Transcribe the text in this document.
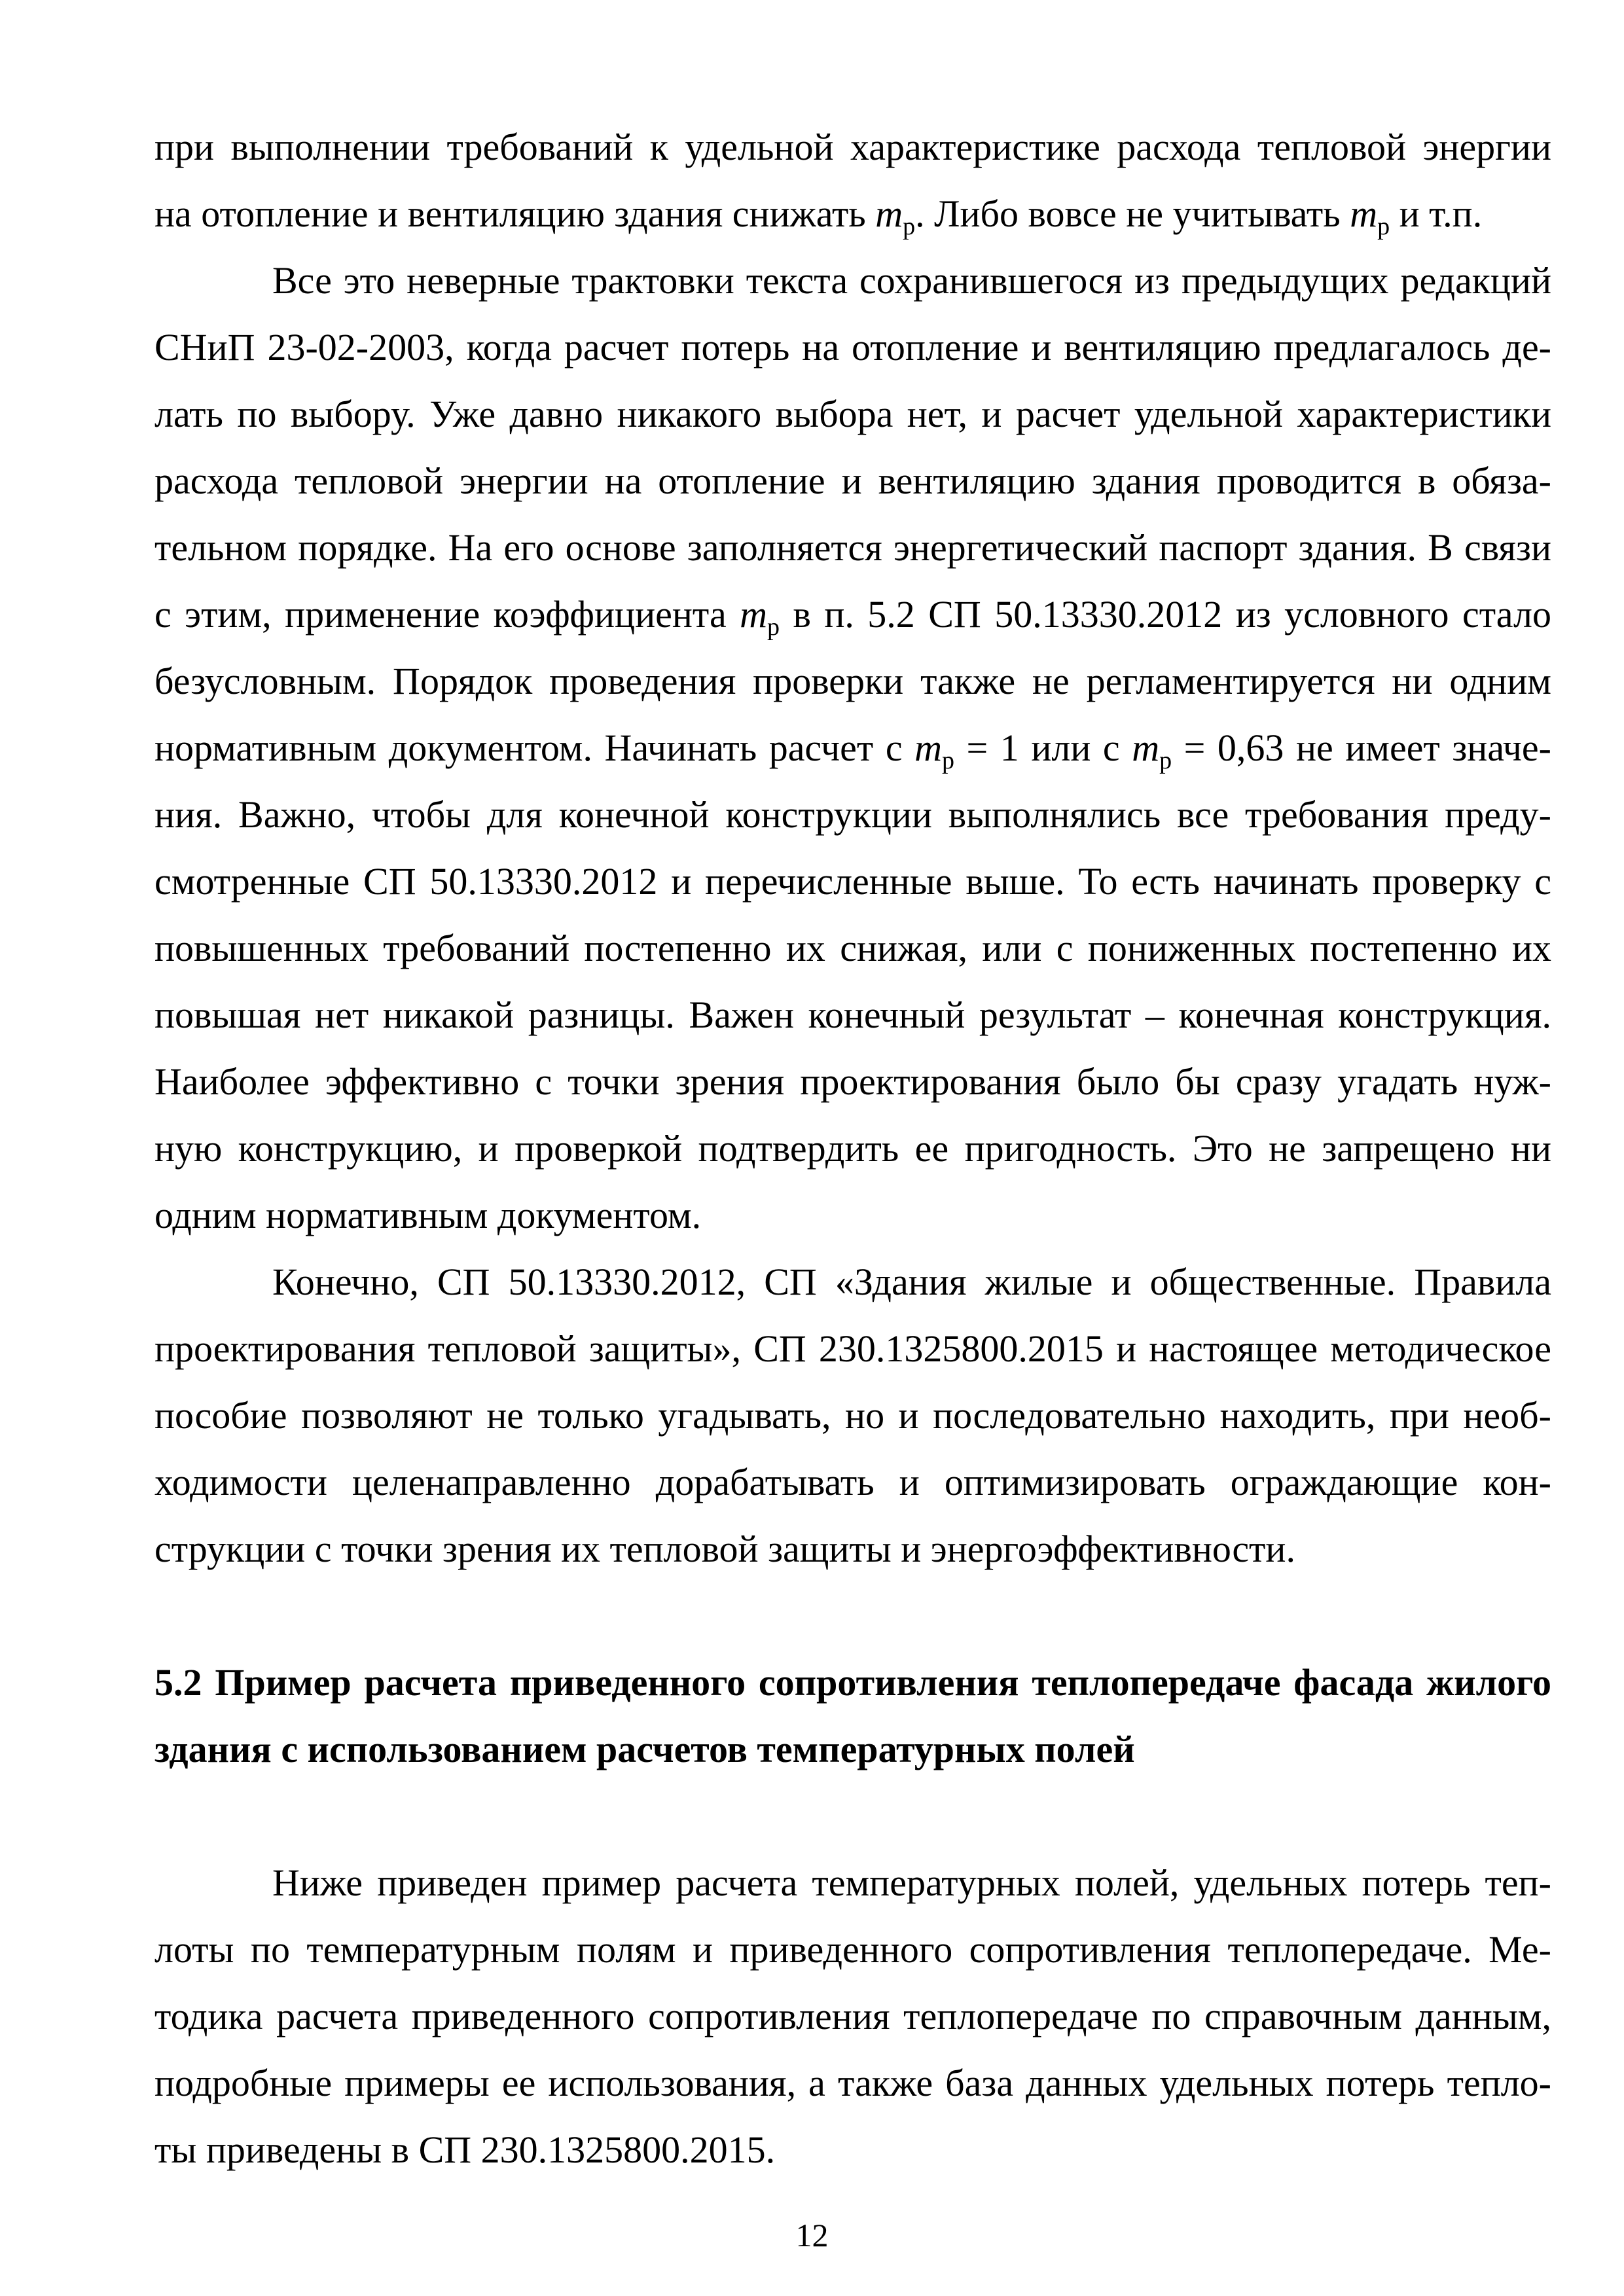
при выполнении требований к удельной характеристике расхода тепловой энергии
на отопление и вентиляцию здания снижать $m_р$. Либо вовсе не учитывать $m_р$ и т.п.
Все это неверные трактовки текста сохранившегося из предыдущих редакций
СНиП 23-02-2003, когда расчет потерь на отопление и вентиляцию предлагалось де-
лать по выбору. Уже давно никакого выбора нет, и расчет удельной характеристики
расхода тепловой энергии на отопление и вентиляцию здания проводится в обяза-
тельном порядке. На его основе заполняется энергетический паспорт здания. В связи
с этим, применение коэффициента $m_р$ в п. 5.2 СП 50.13330.2012 из условного стало
безусловным. Порядок проведения проверки также не регламентируется ни одним
нормативным документом. Начинать расчет с $m_р = 1$ или с $m_р = 0,63$ не имеет значе-
ния. Важно, чтобы для конечной конструкции выполнялись все требования преду-
смотренные СП 50.13330.2012 и перечисленные выше. То есть начинать проверку с
повышенных требований постепенно их снижая, или с пониженных постепенно их
повышая нет никакой разницы. Важен конечный результат – конечная конструкция.
Наиболее эффективно с точки зрения проектирования было бы сразу угадать нуж-
ную конструкцию, и проверкой подтвердить ее пригодность. Это не запрещено ни
одним нормативным документом.
Конечно, СП 50.13330.2012, СП «Здания жилые и общественные. Правила
проектирования тепловой защиты», СП 230.1325800.2015 и настоящее методическое
пособие позволяют не только угадывать, но и последовательно находить, при необ-
ходимости целенаправленно дорабатывать и оптимизировать ограждающие кон-
струкции с точки зрения их тепловой защиты и энергоэффективности.
5.2 Пример расчета приведенного сопротивления теплопередаче фасада жилого
здания с использованием расчетов температурных полей
Ниже приведен пример расчета температурных полей, удельных потерь теп-
лоты по температурным полям и приведенного сопротивления теплопередаче. Ме-
тодика расчета приведенного сопротивления теплопередаче по справочным данным,
подробные примеры ее использования, а также база данных удельных потерь тепло-
ты приведены в СП 230.1325800.2015.
12
